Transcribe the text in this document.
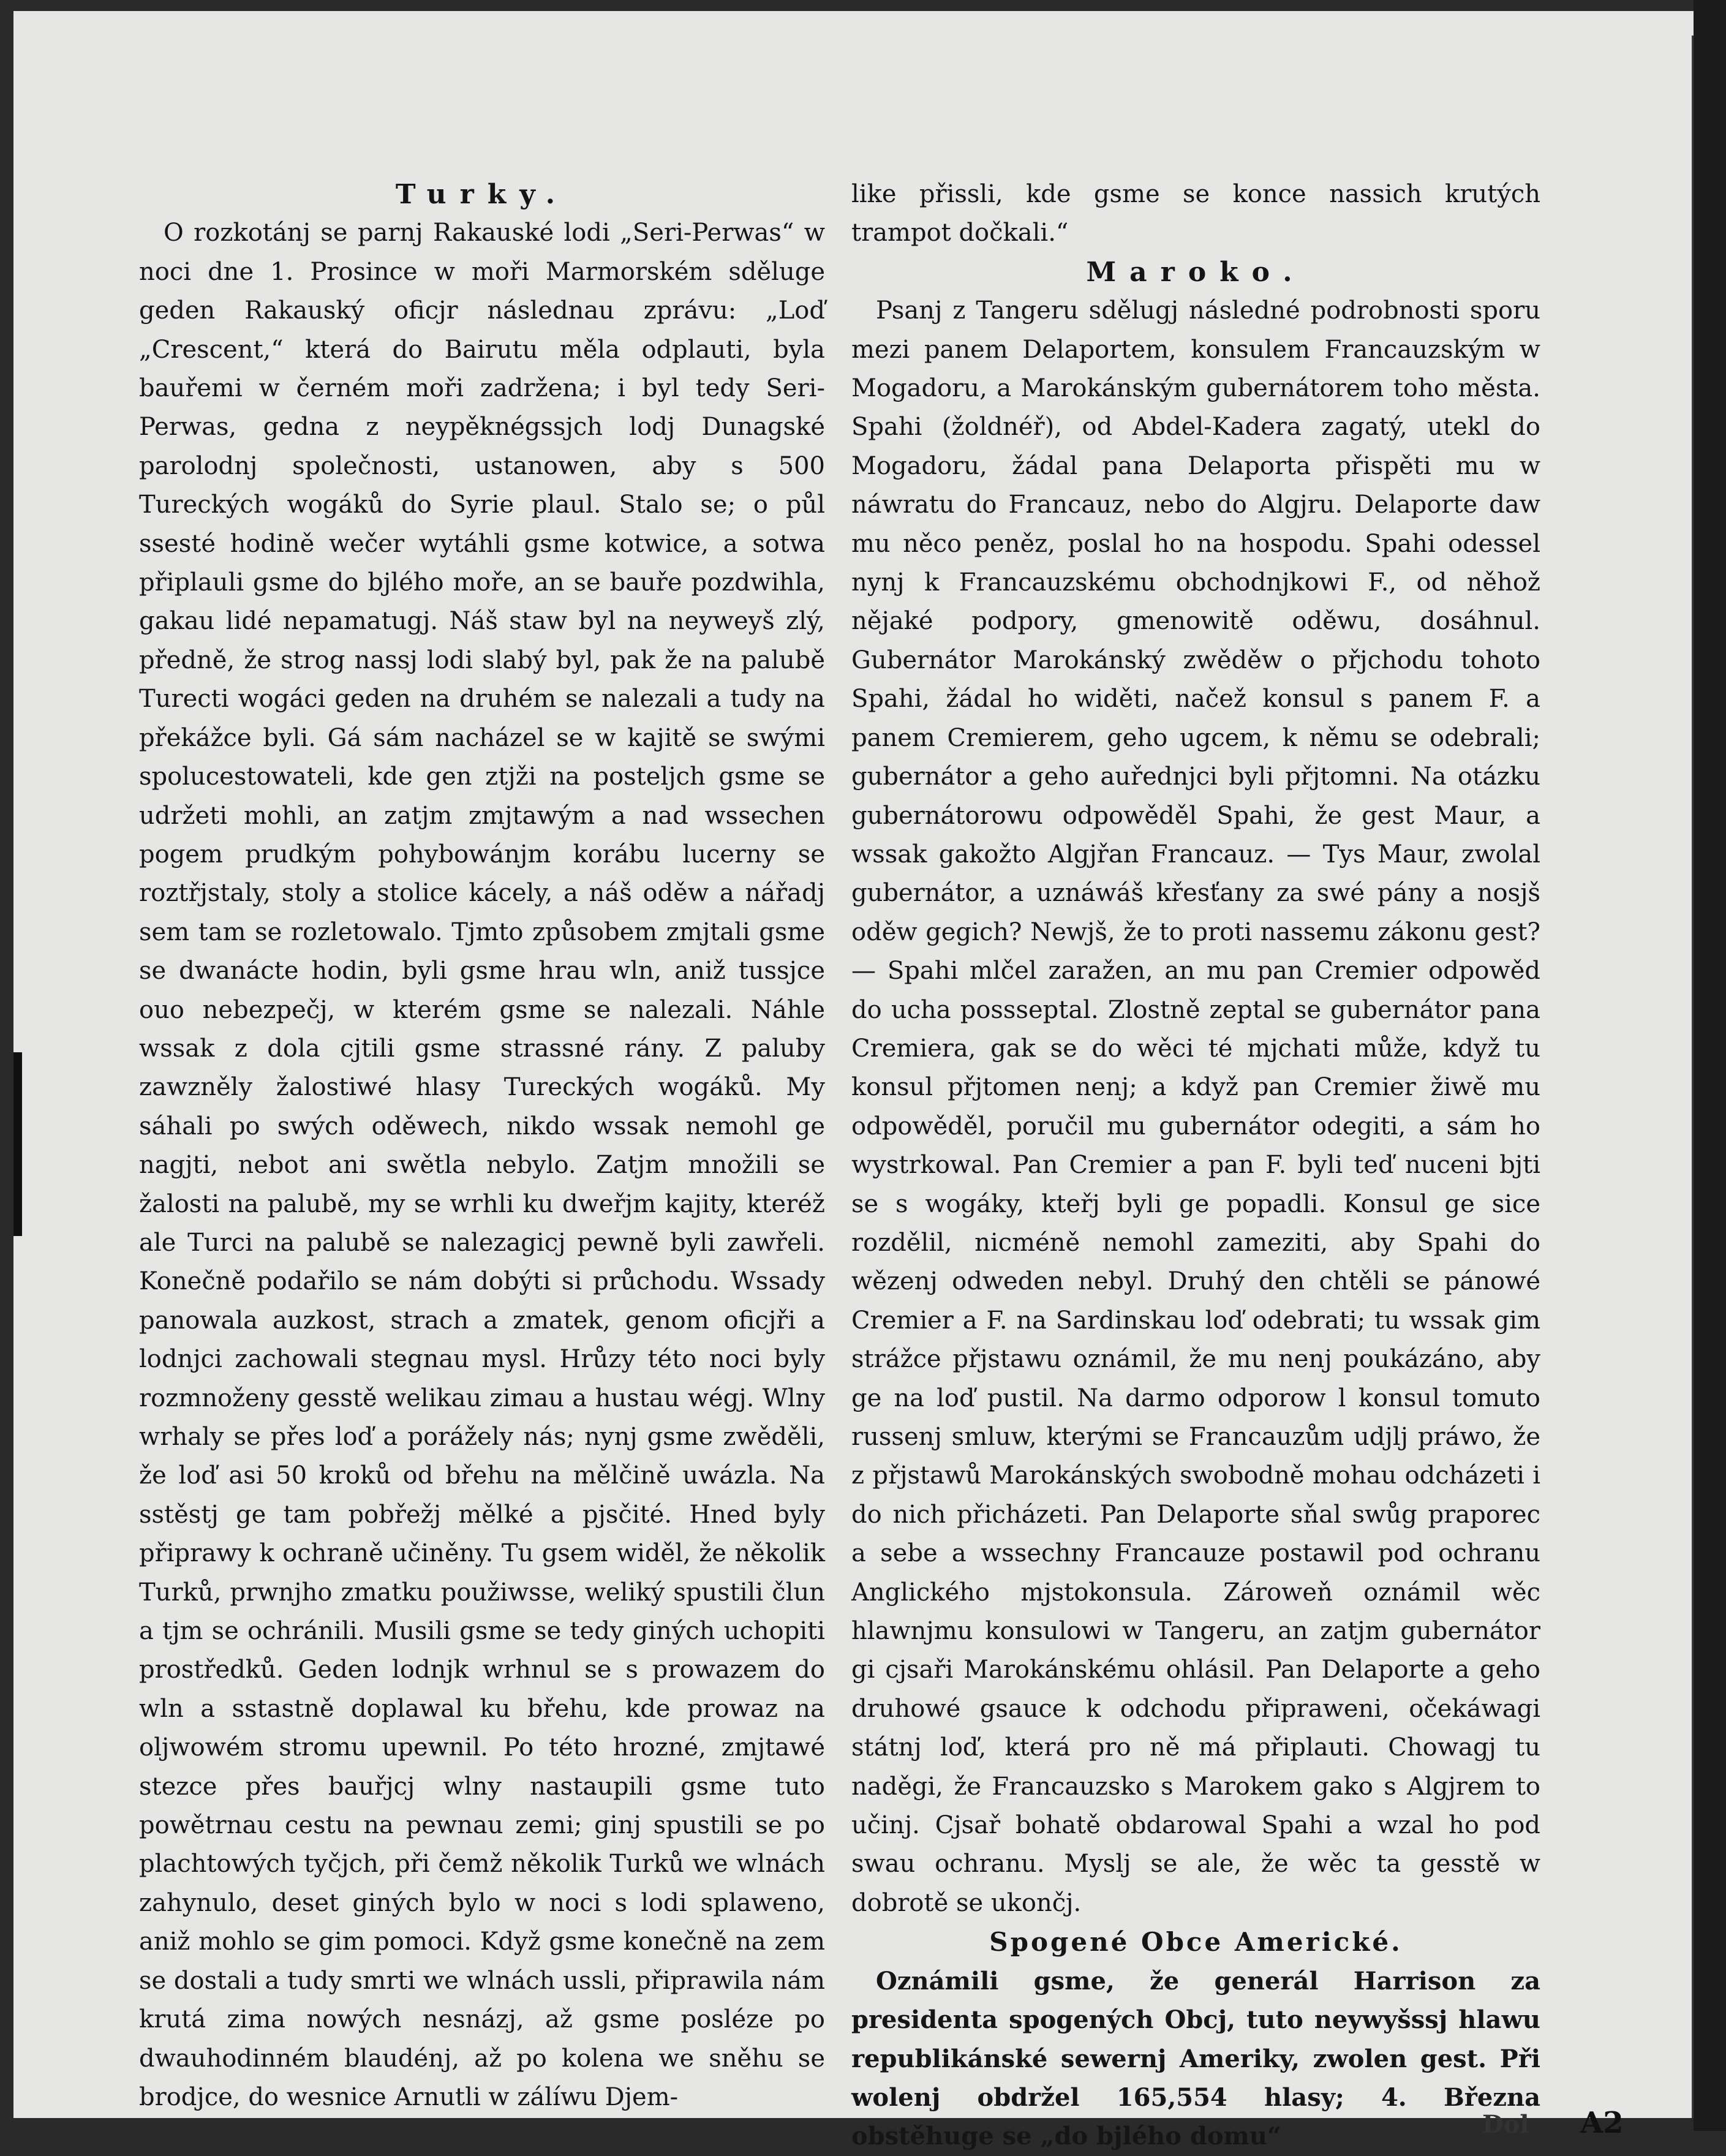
Turky.

O rozkotánj se parnj Rakauské lodi „Seri-Perwas“ w noci dne 1. Prosince w moři Marmorském sděluge geden Rakauský oficjr následnau zprávu: „Loď „Crescent,“ která do Bairutu měla odplauti, byla bauřemi w černém moři zadržena; i byl tedy Seri-Perwas, gedna z neypěknégssjch lodj Dunagské parolodnj společnosti, ustanowen, aby s 500 Tureckých wogáků do Syrie plaul. Stalo se; o půl ssesté hodině wečer wytáhli gsme kotwice, a sotwa připlauli gsme do bjlého moře, an se bauře pozdwihla, gakau lidé nepamatugj. Náš staw byl na neyweyš zlý, předně, že strog nassj lodi slabý byl, pak že na palubě Turecti wogáci geden na druhém se nalezali a tudy na překážce byli. Gá sám nacházel se w kajitě se swými spolucestowateli, kde gen ztjži na posteljch gsme se udržeti mohli, an zatjm zmjtawým a nad wssechen pogem prudkým pohybowánjm korábu lucerny se roztřjstaly, stoly a stolice kácely, a náš oděw a nářadj sem tam se rozletowalo. Tjmto způsobem zmjtali gsme se dwanácte hodin, byli gsme hrau wln, aniž tussjce ouo nebezpečj, w kterém gsme se nalezali. Náhle wssak z dola cjtili gsme strassné rány. Z paluby zawzněly žalostiwé hlasy Tureckých wogáků. My sáhali po swých oděwech, nikdo wssak nemohl ge nagjti, nebot ani swětla nebylo. Zatjm množili se žalosti na palubě, my se wrhli ku dweřjm kajity, kteréž ale Turci na palubě se nalezagicj pewně byli zawřeli. Konečně podařilo se nám dobýti si průchodu. Wssady panowala auzkost, strach a zmatek, genom oficjři a lodnjci zachowali stegnau mysl. Hrůzy této noci byly rozmnoženy gesstě welikau zimau a hustau wégj. Wlny wrhaly se přes loď a porážely nás; nynj gsme zwěděli, že loď asi 50 kroků od břehu na mělčině uwázla. Na sstěstj ge tam pobřežj mělké a pjsčité. Hned byly připrawy k ochraně učiněny. Tu gsem widěl, že několik Turků, prwnjho zmatku použiwsse, weliký spustili člun a tjm se ochránili. Musili gsme se tedy giných uchopiti prostředků. Geden lodnjk wrhnul se s prowazem do wln a sstastně doplawal ku břehu, kde prowaz na oljwowém stromu upewnil. Po této hrozné, zmjtawé stezce přes bauřjcj wlny nastaupili gsme tuto powětrnau cestu na pewnau zemi; ginj spustili se po plachtowých tyčjch, při čemž několik Turků we wlnách zahynulo, deset giných bylo w noci s lodi splaweno, aniž mohlo se gim pomoci. Když gsme konečně na zem se dostali a tudy smrti we wlnách ussli, připrawila nám krutá zima nowých nesnázj, až gsme posléze po dwauhodinném blaudénj, až po kolena we sněhu se brodjce, do wesnice Arnutli w zálíwu Djem-

like přissli, kde gsme se konce nassich krutých trampot dočkali.“

Maroko.

Psanj z Tangeru sdělugj následné podrobnosti sporu mezi panem Delaportem, konsulem Francauzským w Mogadoru, a Marokánským gubernátorem toho města. Spahi (žoldnéř), od Abdel-Kadera zagatý, utekl do Mogadoru, žádal pana Delaporta přispěti mu w náwratu do Francauz, nebo do Algjru. Delaporte daw mu něco peněz, poslal ho na hospodu. Spahi odessel nynj k Francauzskému obchodnjkowi F., od něhož nějaké podpory, gmenowitě oděwu, dosáhnul. Gubernátor Marokánský zwěděw o přjchodu tohoto Spahi, žádal ho widěti, načež konsul s panem F. a panem Cremierem, geho ugcem, k němu se odebrali; gubernátor a geho auřednjci byli přjtomni. Na otázku gubernátorowu odpowěděl Spahi, že gest Maur, a wssak gakožto Algjřan Francauz. — Tys Maur, zwolal gubernátor, a uznáwáš křesťany za swé pány a nosjš oděw gegich? Newjš, že to proti nassemu zákonu gest? — Spahi mlčel zaražen, an mu pan Cremier odpowěd do ucha possseptal. Zlostně zeptal se gubernátor pana Cremiera, gak se do wěci té mjchati může, když tu konsul přjtomen nenj; a když pan Cremier žiwě mu odpowěděl, poručil mu gubernátor odegiti, a sám ho wystrkowal. Pan Cremier a pan F. byli teď nuceni bjti se s wogáky, kteřj byli ge popadli. Konsul ge sice rozdělil, nicméně nemohl zameziti, aby Spahi do wězenj odweden nebyl. Druhý den chtěli se pánowé Cremier a F. na Sardinskau loď odebrati; tu wssak gim strážce přjstawu oznámil, že mu nenj poukázáno, aby ge na loď pustil. Na darmo odporow l konsul tomuto russenj smluw, kterými se Francauzům udjlj práwo, že z přjstawů Marokánských swobodně mohau odcházeti i do nich přicházeti. Pan Delaporte sňal swůg praporec a sebe a wssechny Francauze postawil pod ochranu Anglického mjstokonsula. Zároweň oznámil wěc hlawnjmu konsulowi w Tangeru, an zatjm gubernátor gi cjsaři Marokánskému ohlásil. Pan Delaporte a geho druhowé gsauce k odchodu připraweni, očekáwagi státnj loď, která pro ně má připlauti. Chowagj tu naděgi, že Francauzsko s Marokem gako s Algjrem to učinj. Cjsař bohatě obdarowal Spahi a wzal ho pod swau ochranu. Myslj se ale, že wěc ta gesstě w dobrotě se ukončj.

Spogené Obce Americké.

Oznámili gsme, že generál Harrison za presidenta spogených Obcj, tuto neywyšssj hlawu republikánské sewernj Ameriky, zwolen gest. Při wolenj obdržel 165,554 hlasy; 4. Března obstěhuge se „do bjlého domu“	Dol A2
